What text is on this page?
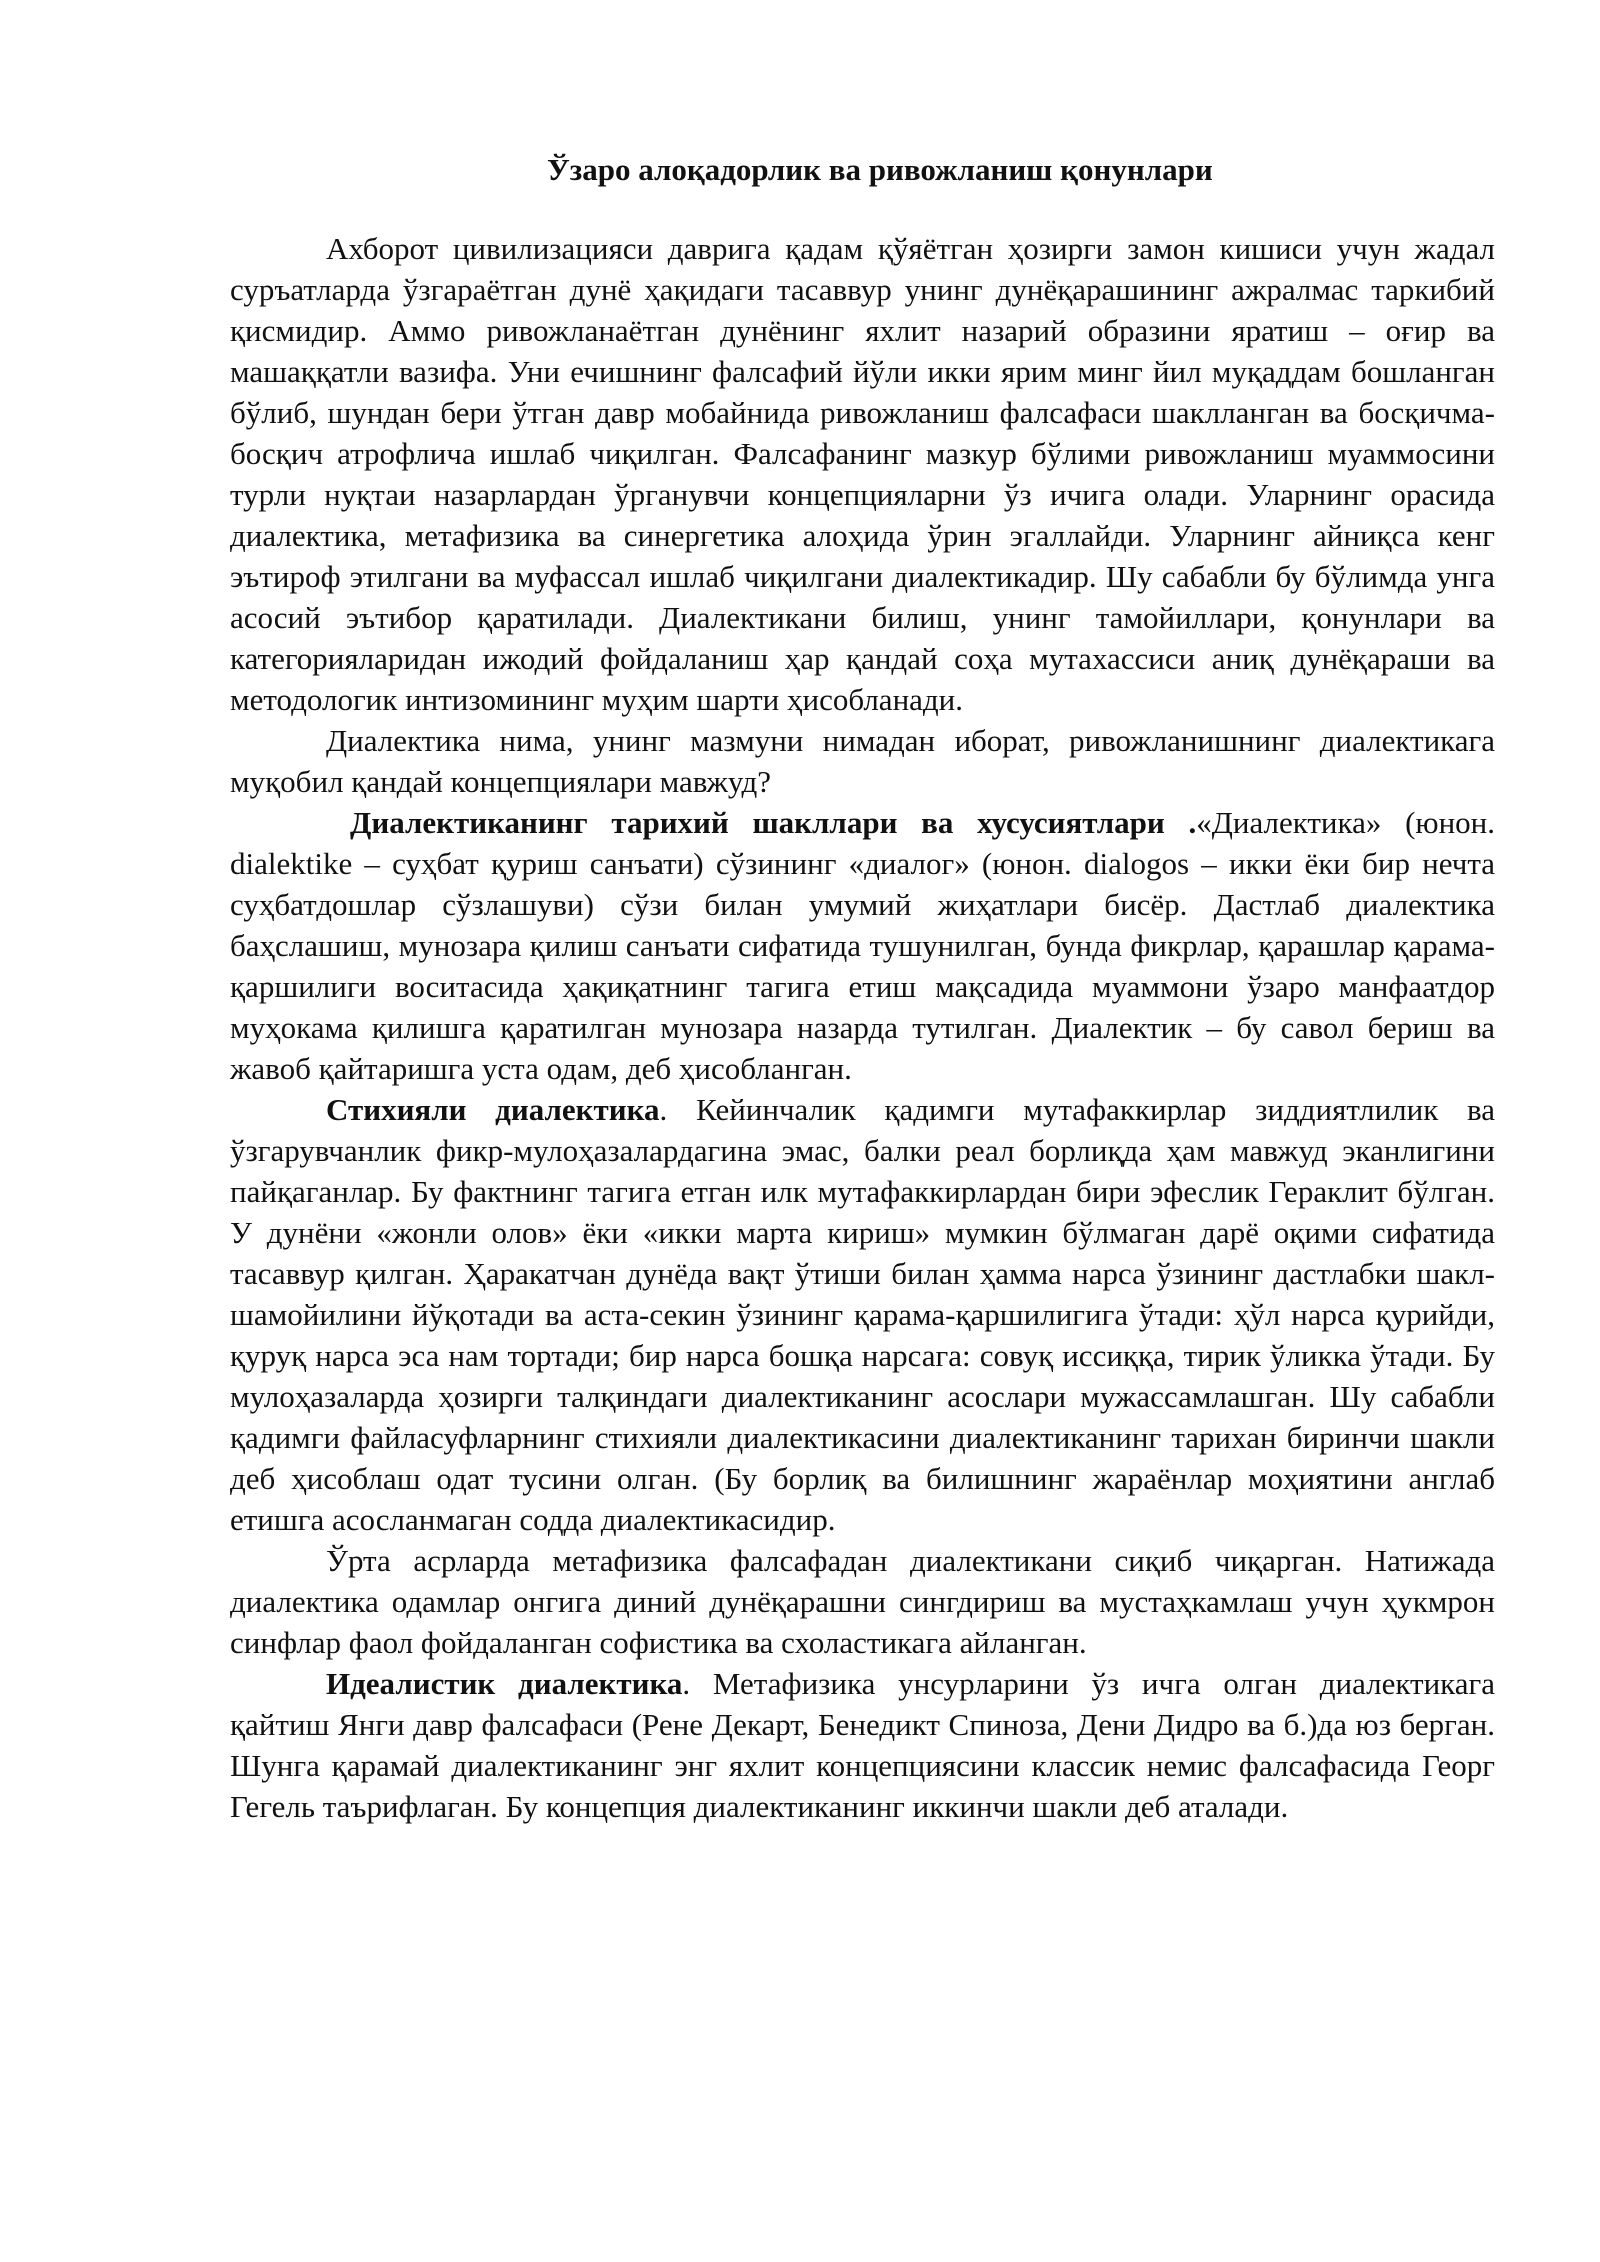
Ўзаро алоқадорлик ва ривожланиш қонунлари

Ахборот цивилизацияси даврига қадам қўяётган ҳозирги замон кишиси учун жадал суръатларда ўзгараётган дунё ҳақидаги тасаввур унинг дунёқарашининг ажралмас таркибий қисмидир. Аммо ривожланаётган дунёнинг яхлит назарий образини яратиш – оғир ва машаққатли вазифа. Уни ечишнинг фалсафий йўли икки ярим минг йил муқаддам бошланган бўлиб, шундан бери ўтган давр мобайнида ривожланиш фалсафаси шаклланган ва босқичма-босқич атрофлича ишлаб чиқилган. Фалсафанинг мазкур бўлими ривожланиш муаммосини турли нуқтаи назарлардан ўрганувчи концепцияларни ўз ичига олади. Уларнинг орасида диалектика, метафизика ва синергетика алоҳида ўрин эгаллайди. Уларнинг айниқса кенг эътироф этилгани ва муфассал ишлаб чиқилгани диалектикадир. Шу сабабли бу бўлимда унга асосий эътибор қаратилади. Диалектикани билиш, унинг тамойиллари, қонунлари ва категорияларидан ижодий фойдаланиш ҳар қандай соҳа мутахассиси аниқ дунёқараши ва методологик интизомининг муҳим шарти ҳисобланади.

Диалектика нима, унинг мазмуни нимадан иборат, ривожланишнинг диалектикага муқобил қандай концепциялари мавжуд?

Диалектиканинг тарихий шакллари ва хусусиятлари .«Диалектика» (юнон. dialektike – суҳбат қуриш санъати) сўзининг «диалог» (юнон. dialogos – икки ёки бир нечта суҳбатдошлар сўзлашуви) сўзи билан умумий жиҳатлари бисёр. Дастлаб диалектика баҳслашиш, мунозара қилиш санъати сифатида тушунилган, бунда фикрлар, қарашлар қарама-қаршилиги воситасида ҳақиқатнинг тагига етиш мақсадида муаммони ўзаро манфаатдор муҳокама қилишга қаратилган мунозара назарда тутилган. Диалектик – бу савол бериш ва жавоб қайтаришга уста одам, деб ҳисобланган.

Стихияли диалектика. Кейинчалик қадимги мутафаккирлар зиддиятлилик ва ўзгарувчанлик фикр-мулоҳазалардагина эмас, балки реал борлиқда ҳам мавжуд эканлигини пайқаганлар. Бу фактнинг тагига етган илк мутафаккирлардан бири эфеслик Гераклит бўлган. У дунёни «жонли олов» ёки «икки марта кириш» мумкин бўлмаган дарё оқими сифатида тасаввур қилган. Ҳаракатчан дунёда вақт ўтиши билан ҳамма нарса ўзининг дастлабки шакл-шамойилини йўқотади ва аста-секин ўзининг қарама-қаршилигига ўтади: ҳўл нарса қурийди, қуруқ нарса эса нам тортади; бир нарса бошқа нарсага: совуқ иссиққа, тирик ўликка ўтади. Бу мулоҳазаларда ҳозирги талқиндаги диалектиканинг асослари мужассамлашган. Шу сабабли қадимги файласуфларнинг стихияли диалектикасини диалектиканинг тарихан биринчи шакли деб ҳисоблаш одат тусини олган. (Бу борлиқ ва билишнинг жараёнлар моҳиятини англаб етишга асосланмаган содда диалектикасидир.

Ўрта асрларда метафизика фалсафадан диалектикани сиқиб чиқарган. Натижада диалектика одамлар онгига диний дунёқарашни сингдириш ва мустаҳкамлаш учун ҳукмрон синфлар фаол фойдаланган софистика ва схоластикага айланган.

Идеалистик диалектика. Метафизика унсурларини ўз ичга олган диалектикага қайтиш Янги давр фалсафаси (Рене Декарт, Бенедикт Спиноза, Дени Дидро ва б.)да юз берган. Шунга қарамай диалектиканинг энг яхлит концепциясини классик немис фалсафасида Георг Гегель таърифлаган. Бу концепция диалектиканинг иккинчи шакли деб аталади.
